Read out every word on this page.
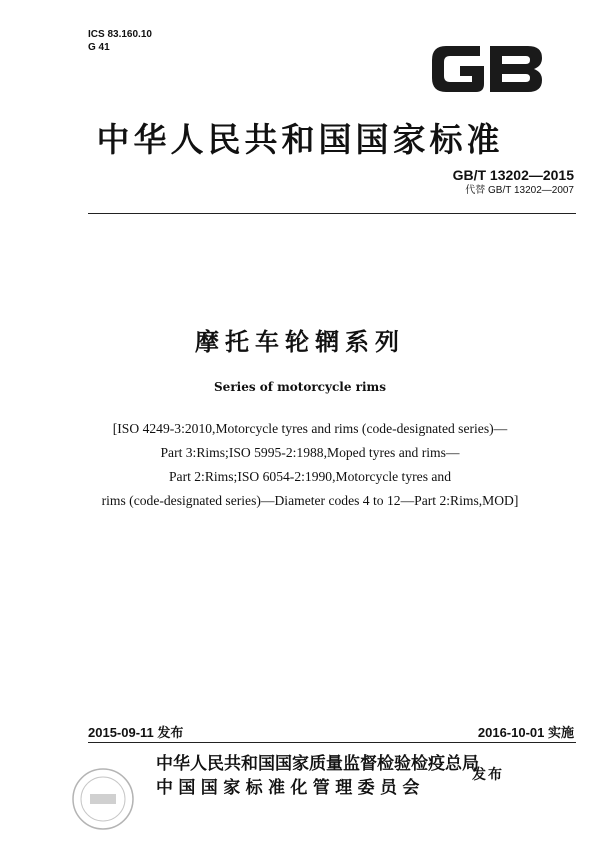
ICS 83.160.10
G 41
中华人民共和国国家标准
GB/T 13202—2015
代替 GB/T 13202—2007
摩托车轮辋系列
Series of motorcycle rims
[ISO 4249-3:2010,Motorcycle tyres and rims (code-designated series)—
Part 3:Rims;ISO 5995-2:1988,Moped tyres and rims—
Part 2:Rims;ISO 6054-2:1990,Motorcycle tyres and
rims (code-designated series)—Diameter codes 4 to 12—Part 2:Rims,MOD]
2015-09-11 发布	2016-10-01 实施
中华人民共和国国家质量监督检验检疫总局
中国国家标准化管理委员会
发布
